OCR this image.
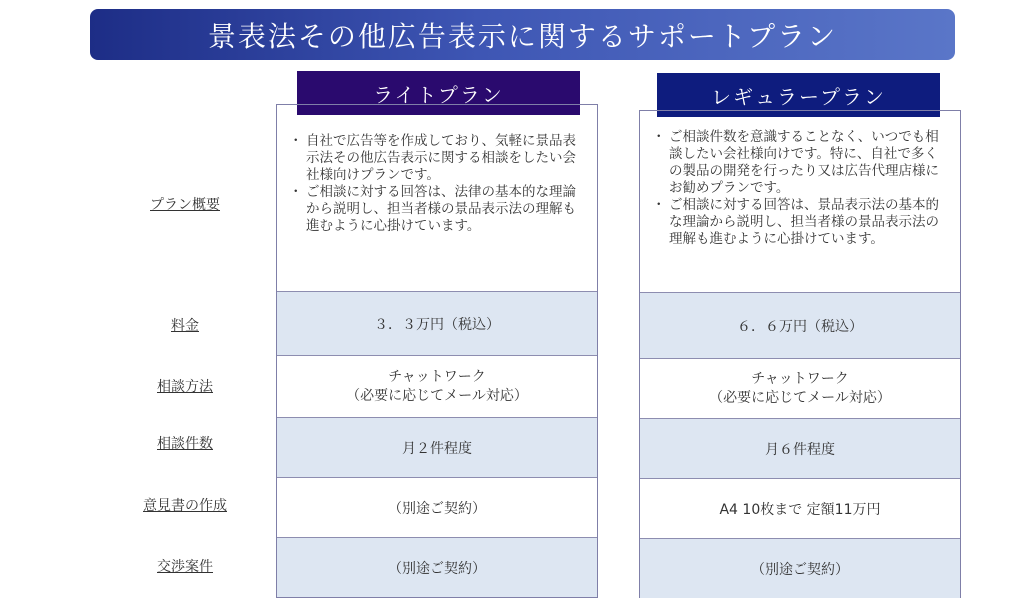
景表法その他広告表示に関するサポートプラン
プラン概要
料金
相談方法
相談件数
意見書の作成
交渉案件
ライトプラン
・ 自社で広告等を作成しており、気軽に景品表示法その他広告表示に関する相談をしたい会社様向けプランです。
・ ご相談に対する回答は、法律の基本的な理論から説明し、担当者様の景品表示法の理解も進むように心掛けています。
３．３万円（税込）
チャットワーク
（必要に応じてメール対応）
月２件程度
（別途ご契約）
（別途ご契約）
レギュラープラン
・ ご相談件数を意識することなく、いつでも相談したい会社様向けです。特に、自社で多くの製品の開発を行ったり又は広告代理店様にお勧めプランです。
・ ご相談に対する回答は、景品表示法の基本的な理論から説明し、担当者様の景品表示法の理解も進むように心掛けています。
６．６万円（税込）
チャットワーク
（必要に応じてメール対応）
月６件程度
A4 10枚まで 定額11万円
（別途ご契約）
